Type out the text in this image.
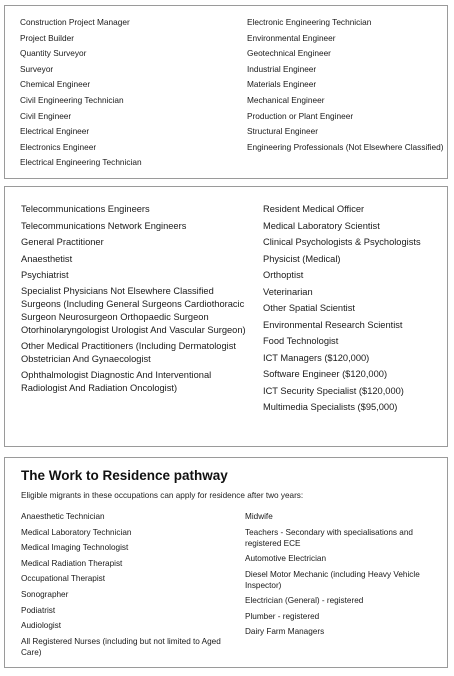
Construction Project Manager
Project Builder
Quantity Surveyor
Surveyor
Chemical Engineer
Civil Engineering Technician
Civil Engineer
Electrical Engineer
Electronics Engineer
Electrical Engineering Technician
Electronic Engineering Technician
Environmental Engineer
Geotechnical Engineer
Industrial Engineer
Materials Engineer
Mechanical Engineer
Production or Plant Engineer
Structural Engineer
Engineering Professionals (Not Elsewhere Classified)
Telecommunications Engineers
Telecommunications Network Engineers
General Practitioner
Anaesthetist
Psychiatrist
Specialist Physicians Not Elsewhere Classified Surgeons (Including General Surgeons Cardiothoracic Surgeon Neurosurgeon Orthopaedic Surgeon Otorhinolaryngologist Urologist And Vascular Surgeon)
Other Medical Practitioners (Including Dermatologist Obstetrician And Gynaecologist
Ophthalmologist Diagnostic And Interventional Radiologist And Radiation Oncologist)
Resident Medical Officer
Medical Laboratory Scientist
Clinical Psychologists & Psychologists
Physicist (Medical)
Orthoptist
Veterinarian
Other Spatial Scientist
Environmental Research Scientist
Food Technologist
ICT Managers ($120,000)
Software Engineer ($120,000)
ICT Security Specialist ($120,000)
Multimedia Specialists ($95,000)
The Work to Residence pathway
Eligible migrants in these occupations can apply for residence after two years:
Anaesthetic Technician
Medical Laboratory Technician
Medical Imaging Technologist
Medical Radiation Therapist
Occupational Therapist
Sonographer
Podiatrist
Audiologist
All Registered Nurses (including but not limited to Aged Care)
Midwife
Teachers - Secondary with specialisations and registered ECE
Automotive Electrician
Diesel Motor Mechanic (including Heavy Vehicle Inspector)
Electrician (General) - registered
Plumber - registered
Dairy Farm Managers
